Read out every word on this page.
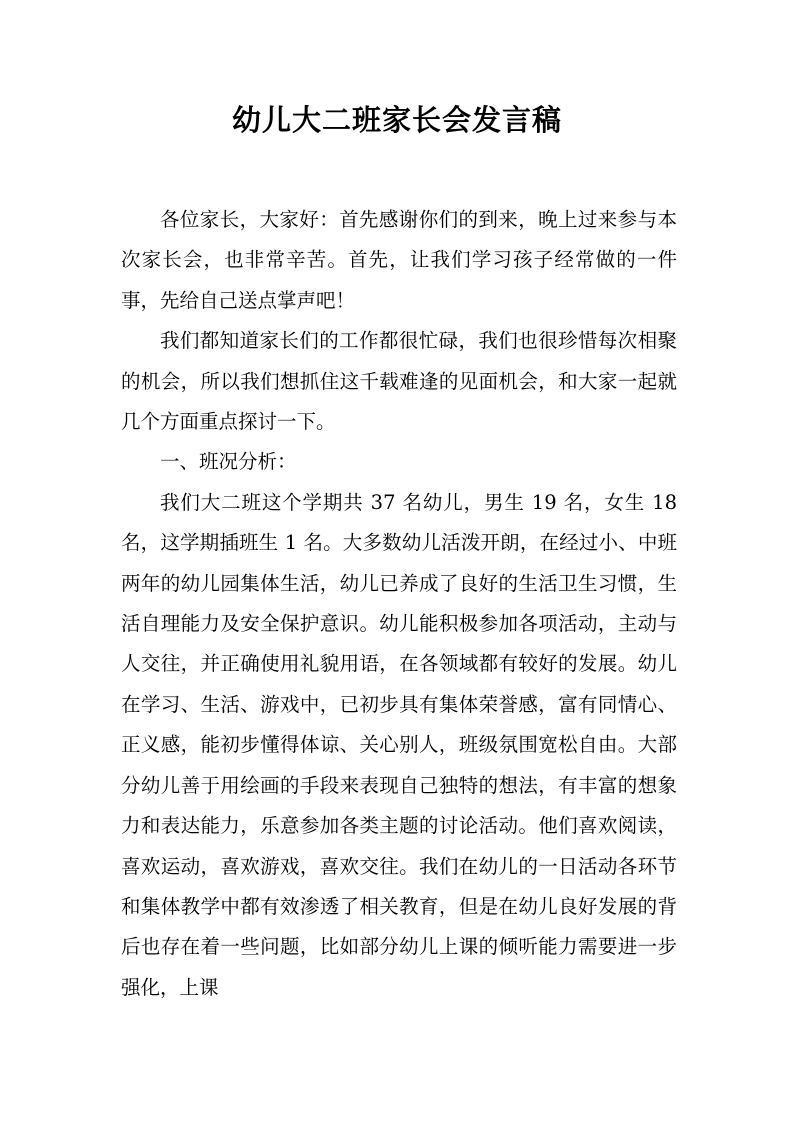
幼儿大二班家长会发言稿

各位家长，大家好：首先感谢你们的到来，晚上过来参与本次家长会，也非常辛苦。首先，让我们学习孩子经常做的一件事，先给自己送点掌声吧！

我们都知道家长们的工作都很忙碌，我们也很珍惜每次相聚的机会，所以我们想抓住这千载难逢的见面机会，和大家一起就几个方面重点探讨一下。

一、班况分析：

我们大二班这个学期共 37 名幼儿，男生 19 名，女生 18 名，这学期插班生 1 名。大多数幼儿活泼开朗，在经过小、中班两年的幼儿园集体生活，幼儿已养成了良好的生活卫生习惯，生活自理能力及安全保护意识。幼儿能积极参加各项活动，主动与人交往，并正确使用礼貌用语，在各领域都有较好的发展。幼儿在学习、生活、游戏中，已初步具有集体荣誉感，富有同情心、正义感，能初步懂得体谅、关心别人，班级氛围宽松自由。大部分幼儿善于用绘画的手段来表现自己独特的想法，有丰富的想象力和表达能力，乐意参加各类主题的讨论活动。他们喜欢阅读，喜欢运动，喜欢游戏，喜欢交往。我们在幼儿的一日活动各环节和集体教学中都有效渗透了相关教育，但是在幼儿良好发展的背后也存在着一些问题，比如部分幼儿上课的倾听能力需要进一步强化，上课
